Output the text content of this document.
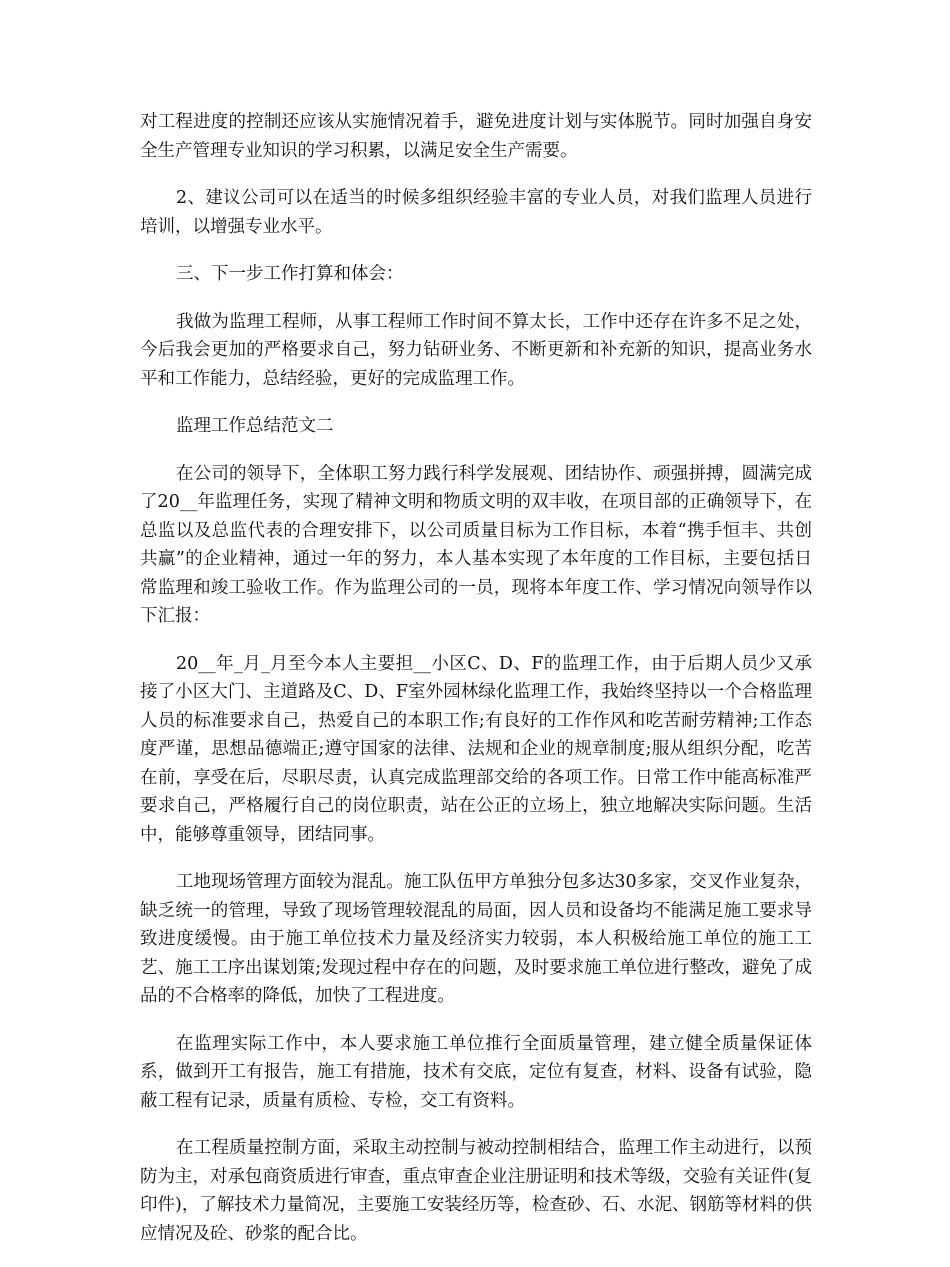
对工程进度的控制还应该从实施情况着手，避免进度计划与实体脱节。同时加强自身安全生产管理专业知识的学习积累，以满足安全生产需要。

2、建议公司可以在适当的时候多组织经验丰富的专业人员，对我们监理人员进行培训，以增强专业水平。

三、下一步工作打算和体会：

我做为监理工程师，从事工程师工作时间不算太长，工作中还存在许多不足之处，今后我会更加的严格要求自己，努力钻研业务、不断更新和补充新的知识，提高业务水平和工作能力，总结经验，更好的完成监理工作。

监理工作总结范文二

在公司的领导下，全体职工努力践行科学发展观、团结协作、顽强拼搏，圆满完成了20__年监理任务，实现了精神文明和物质文明的双丰收，在项目部的正确领导下，在总监以及总监代表的合理安排下，以公司质量目标为工作目标，本着“携手恒丰、共创共赢”的企业精神，通过一年的努力，本人基本实现了本年度的工作目标，主要包括日常监理和竣工验收工作。作为监理公司的一员，现将本年度工作、学习情况向领导作以下汇报：

20__年_月_月至今本人主要担__小区C、D、F的监理工作，由于后期人员少又承接了小区大门、主道路及C、D、F室外园林绿化监理工作，我始终坚持以一个合格监理人员的标准要求自己，热爱自己的本职工作;有良好的工作作风和吃苦耐劳精神;工作态度严谨，思想品德端正;遵守国家的法律、法规和企业的规章制度;服从组织分配，吃苦在前，享受在后，尽职尽责，认真完成监理部交给的各项工作。日常工作中能高标准严要求自己，严格履行自己的岗位职责，站在公正的立场上，独立地解决实际问题。生活中，能够尊重领导，团结同事。

工地现场管理方面较为混乱。施工队伍甲方单独分包多达30多家，交叉作业复杂，缺乏统一的管理，导致了现场管理较混乱的局面，因人员和设备均不能满足施工要求导致进度缓慢。由于施工单位技术力量及经济实力较弱，本人积极给施工单位的施工工艺、施工工序出谋划策;发现过程中存在的问题，及时要求施工单位进行整改，避免了成品的不合格率的降低，加快了工程进度。

在监理实际工作中，本人要求施工单位推行全面质量管理，建立健全质量保证体系，做到开工有报告，施工有措施，技术有交底，定位有复查，材料、设备有试验，隐蔽工程有记录，质量有质检、专检，交工有资料。

在工程质量控制方面，采取主动控制与被动控制相结合，监理工作主动进行，以预防为主，对承包商资质进行审查，重点审查企业注册证明和技术等级，交验有关证件(复印件)，了解技术力量简况，主要施工安装经历等，检查砂、石、水泥、钢筋等材料的供应情况及砼、砂浆的配合比。
